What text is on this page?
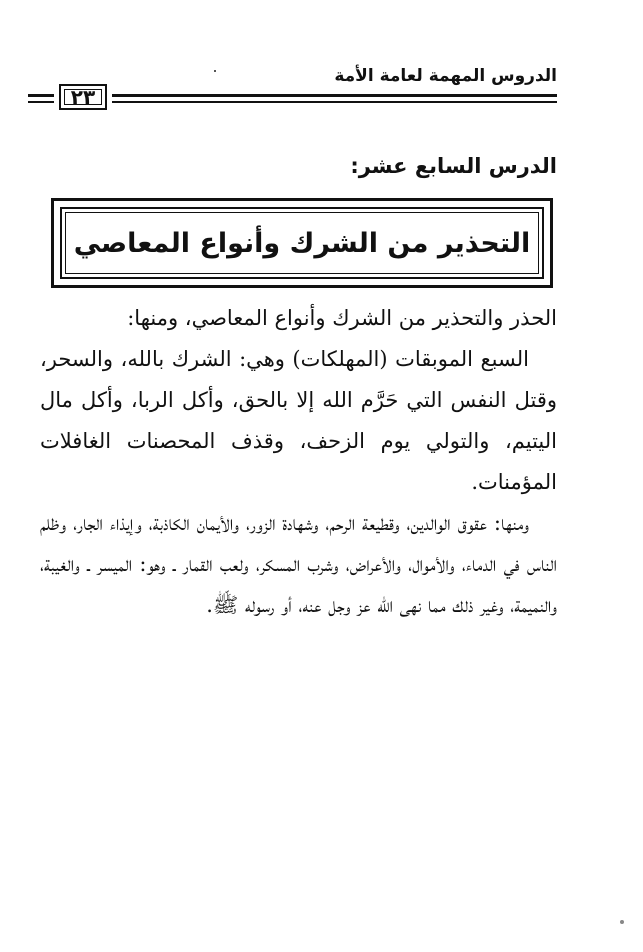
الدروس المهمة لعامة الأمة
٢٣
الدرس السابع عشر:
التحذير من الشرك وأنواع المعاصي

الحذر والتحذير من الشرك وأنواع المعاصي، ومنها:

السبع الموبقات (المهلكات) وهي: الشرك بالله، والسحر، وقتل النفس التي حَرَّم الله إلا بالحق، وأكل الربا، وأكل مال اليتيم، والتولي يوم الزحف، وقذف المحصنات الغافلات المؤمنات.

ومنها: عقوق الوالدين، وقطيعة الرحم، وشهادة الزور، والأيمان الكاذبة، وإيذاء الجار، وظلم الناس في الدماء، والأموال، والأعراض، وشرب المسكر، ولعب القمار ـ وهو: الميسر ـ والغيبة، والنميمة، وغير ذلك مما نهى الله عز وجل عنه، أو رسوله ﷺ.
